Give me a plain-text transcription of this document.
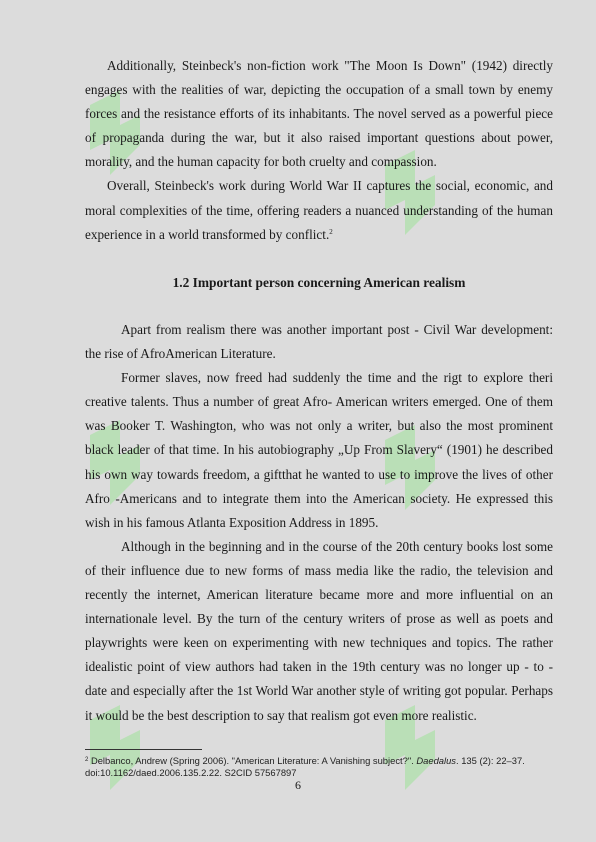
Additionally, Steinbeck's non-fiction work "The Moon Is Down" (1942) directly engages with the realities of war, depicting the occupation of a small town by enemy forces and the resistance efforts of its inhabitants. The novel served as a powerful piece of propaganda during the war, but it also raised important questions about power, morality, and the human capacity for both cruelty and compassion.

Overall, Steinbeck's work during World War II captures the social, economic, and moral complexities of the time, offering readers a nuanced understanding of the human experience in a world transformed by conflict.$^2$

1.2 Important person concerning American realism

Apart from realism there was another important post - Civil War development: the rise of AfroAmerican Literature.

Former slaves, now freed had suddenly the time and the rigt to explore theri creative talents. Thus a number of great Afro- American writers emerged. One of them was Booker T. Washington, who was not only a writer, but also the most prominent black leader of that time. In his autobiography „Up From Slavery“ (1901) he described his own way towards freedom, a giftthat he wanted to use to improve the lives of other Afro -Americans and to integrate them into the American society. He expressed this wish in his famous Atlanta Exposition Address in 1895.

Although in the beginning and in the course of the 20th century books lost some of their influence due to new forms of mass media like the radio, the television and recently the internet, American literature became more and more influential on an internationale level. By the turn of the century writers of prose as well as poets and playwrights were keen on experimenting with new techniques and topics. The rather idealistic point of view authors had taken in the 19th century was no longer up - to - date and especially after the 1st World War another style of writing got popular. Perhaps it would be the best description to say that realism got even more realistic.

$^2$ Delbanco, Andrew (Spring 2006). "American Literature: A Vanishing subject?". Daedalus. 135 (2): 22–37. doi:10.1162/daed.2006.135.2.22. S2CID 57567897
6
